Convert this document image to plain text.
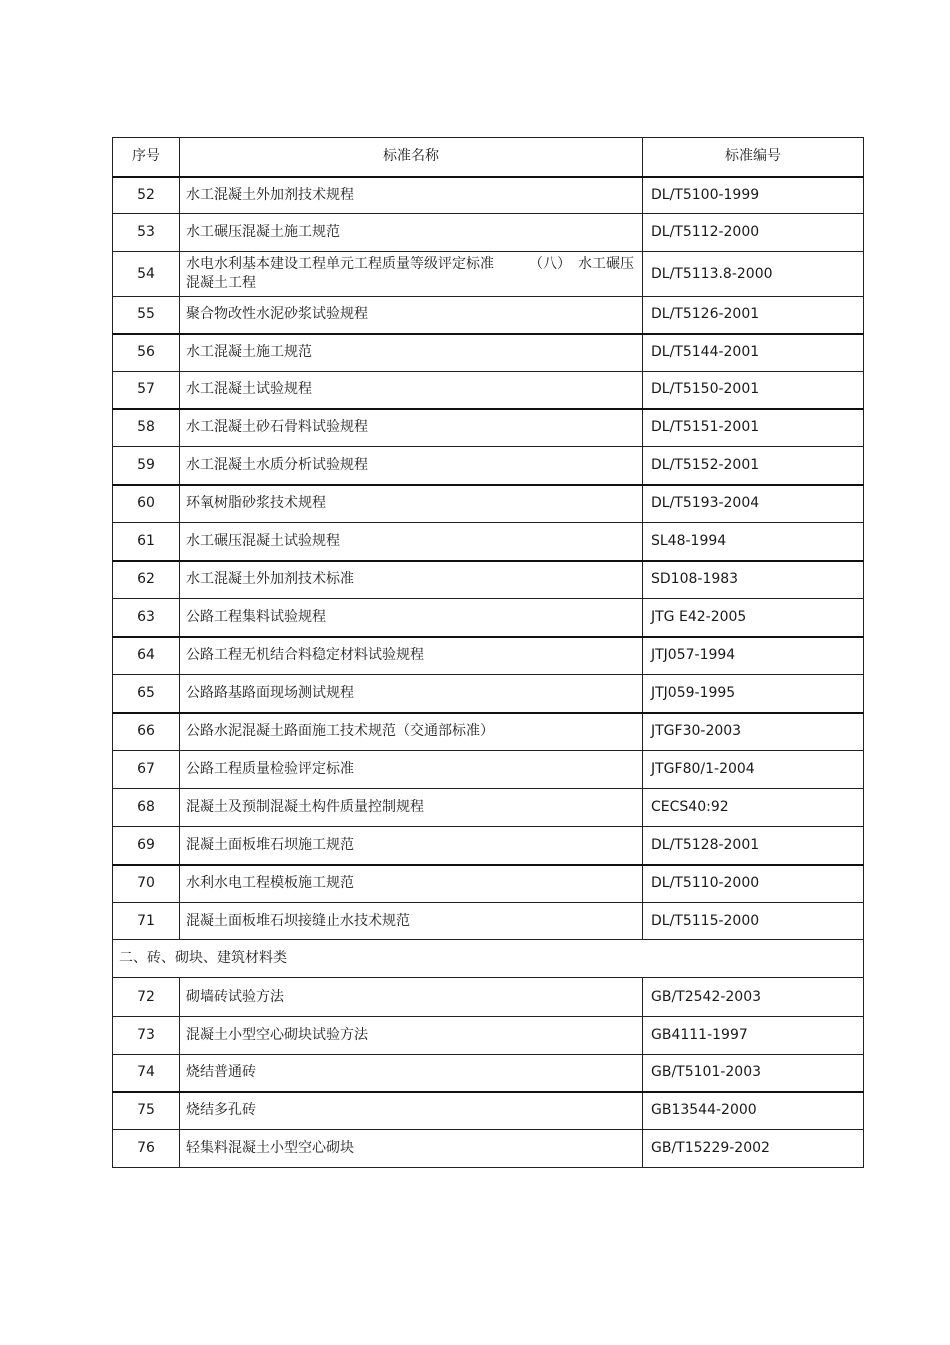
序号	标准名称	标准编号
52	水工混凝土外加剂技术规程	DL/T5100-1999
53	水工碾压混凝土施工规范	DL/T5112-2000
54	水电水利基本建设工程单元工程质量等级评定标准　　　（八）　水工碾压混凝土工程	DL/T5113.8-2000
55	聚合物改性水泥砂浆试验规程	DL/T5126-2001
56	水工混凝土施工规范	DL/T5144-2001
57	水工混凝土试验规程	DL/T5150-2001
58	水工混凝土砂石骨料试验规程	DL/T5151-2001
59	水工混凝土水质分析试验规程	DL/T5152-2001
60	环氧树脂砂浆技术规程	DL/T5193-2004
61	水工碾压混凝土试验规程	SL48-1994
62	水工混凝土外加剂技术标准	SD108-1983
63	公路工程集料试验规程	JTG E42-2005
64	公路工程无机结合料稳定材料试验规程	JTJ057-1994
65	公路路基路面现场测试规程	JTJ059-1995
66	公路水泥混凝土路面施工技术规范（交通部标准）	JTGF30-2003
67	公路工程质量检验评定标准	JTGF80/1-2004
68	混凝土及预制混凝土构件质量控制规程	CECS40:92
69	混凝土面板堆石坝施工规范	DL/T5128-2001
70	水利水电工程模板施工规范	DL/T5110-2000
71	混凝土面板堆石坝接缝止水技术规范	DL/T5115-2000
二、砖、砌块、建筑材料类		
72	砌墙砖试验方法	GB/T2542-2003
73	混凝土小型空心砌块试验方法	GB4111-1997
74	烧结普通砖	GB/T5101-2003
75	烧结多孔砖	GB13544-2000
76	轻集料混凝土小型空心砌块	GB/T15229-2002
